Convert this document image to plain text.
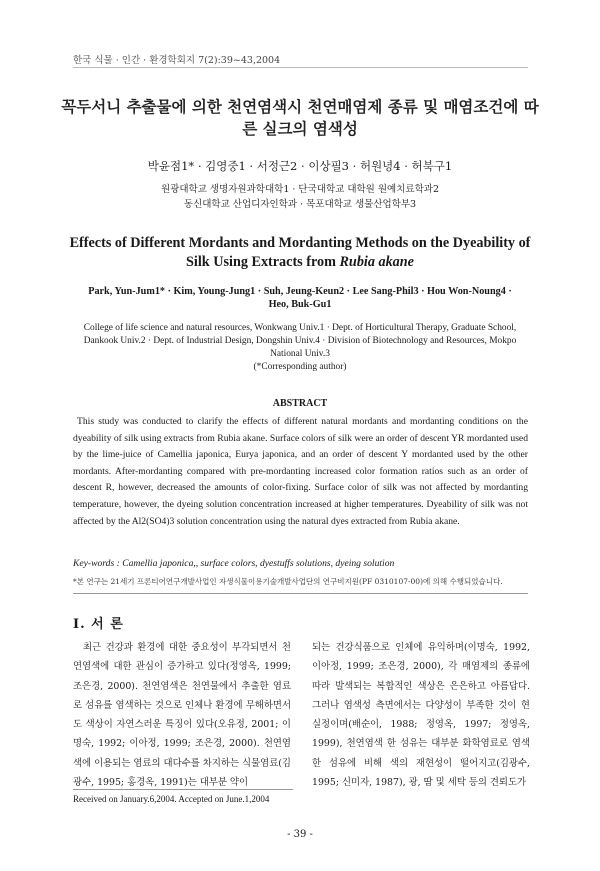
한국 식물 · 인간 · 환경학회지 7(2):39~43,2004
꼭두서니 추출물에 의한 천연염색시 천연매염제 종류 및 매염조건에 따른 실크의 염색성
박윤점1* · 김영중1 · 서정근2 · 이상필3 · 허원녕4 · 허북구1
원광대학교 생명자원과학대학1 · 단국대학교 대학원 원예치료학과2
동신대학교 산업디자인학과 · 목포대학교 생물산업학부3
Effects of Different Mordants and Mordanting Methods on the Dyeability of Silk Using Extracts from Rubia akane
Park, Yun-Jum1* · Kim, Young-Jung1 · Suh, Jeung-Keun2 · Lee Sang-Phil3 · Hou Won-Noung4 · Heo, Buk-Gu1
College of life science and natural resources, Wonkwang Univ.1 · Dept. of Horticultural Therapy, Graduate School, Dankook Univ.2 · Dept. of Industrial Design, Dongshin Univ.4 · Division of Biotechnology and Resources, Mokpo National Univ.3
(*Corresponding author)
ABSTRACT
This study was conducted to clarify the effects of different natural mordants and mordanting conditions on the dyeability of silk using extracts from Rubia akane. Surface colors of silk were an order of descent YR mordanted used by the lime-juice of Camellia japonica, Eurya japonica, and an order of descent Y mordanted used by the other mordants. After-mordanting compared with pre-mordanting increased color formation ratios such as an order of descent R, however, decreased the amounts of color-fixing. Surface color of silk was not affected by mordanting temperature, however, the dyeing solution concentration increased at higher temperatures. Dyeability of silk was not affected by the Al2(SO4)3 solution concentration using the natural dyes extracted from Rubia akane.
Key-words : Camellia japonica,, surface colors, dyestuffs solutions, dyeing solution
*본 연구는 21세기 프론티어연구개발사업인 자생식물이용기술개발사업단의 연구비지원(PF 0310107-00)에 의해 수행되었습니다.
Ⅰ. 서 론
최근 건강과 환경에 대한 중요성이 부각되면서 천연염색에 대한 관심이 증가하고 있다(정영옥, 1999; 조은경, 2000). 천연염색은 천연물에서 추출한 염료로 섬유를 염색하는 것으로 인체나 환경에 무해하면서도 색상이 자연스러운 특징이 있다(오유정, 2001; 이명숙, 1992; 이아정, 1999; 조은경, 2000). 천연염색에 이용되는 염료의 대다수를 차지하는 식물염료(김광수, 1995; 홍경옥, 1991)는 대부분 약이
되는 건강식품으로 인체에 유익하며(이명숙, 1992, 이아정, 1999; 조은경, 2000), 각 매염제의 종류에 따라 발색되는 복합적인 색상은 은은하고 아름답다. 그러나 염색성 측면에서는 다양성이 부족한 것이 현 실정이며(배순이, 1988; 정영옥, 1997; 정영옥, 1999), 천연염색 한 섬유는 대부분 화학염료로 염색한 섬유에 비해 색의 재현성이 떨어지고(김광수, 1995; 신미자, 1987), 광, 땀 및 세탁 등의 견뢰도가
Received on January.6,2004. Accepted on June.1,2004
- 39 -
